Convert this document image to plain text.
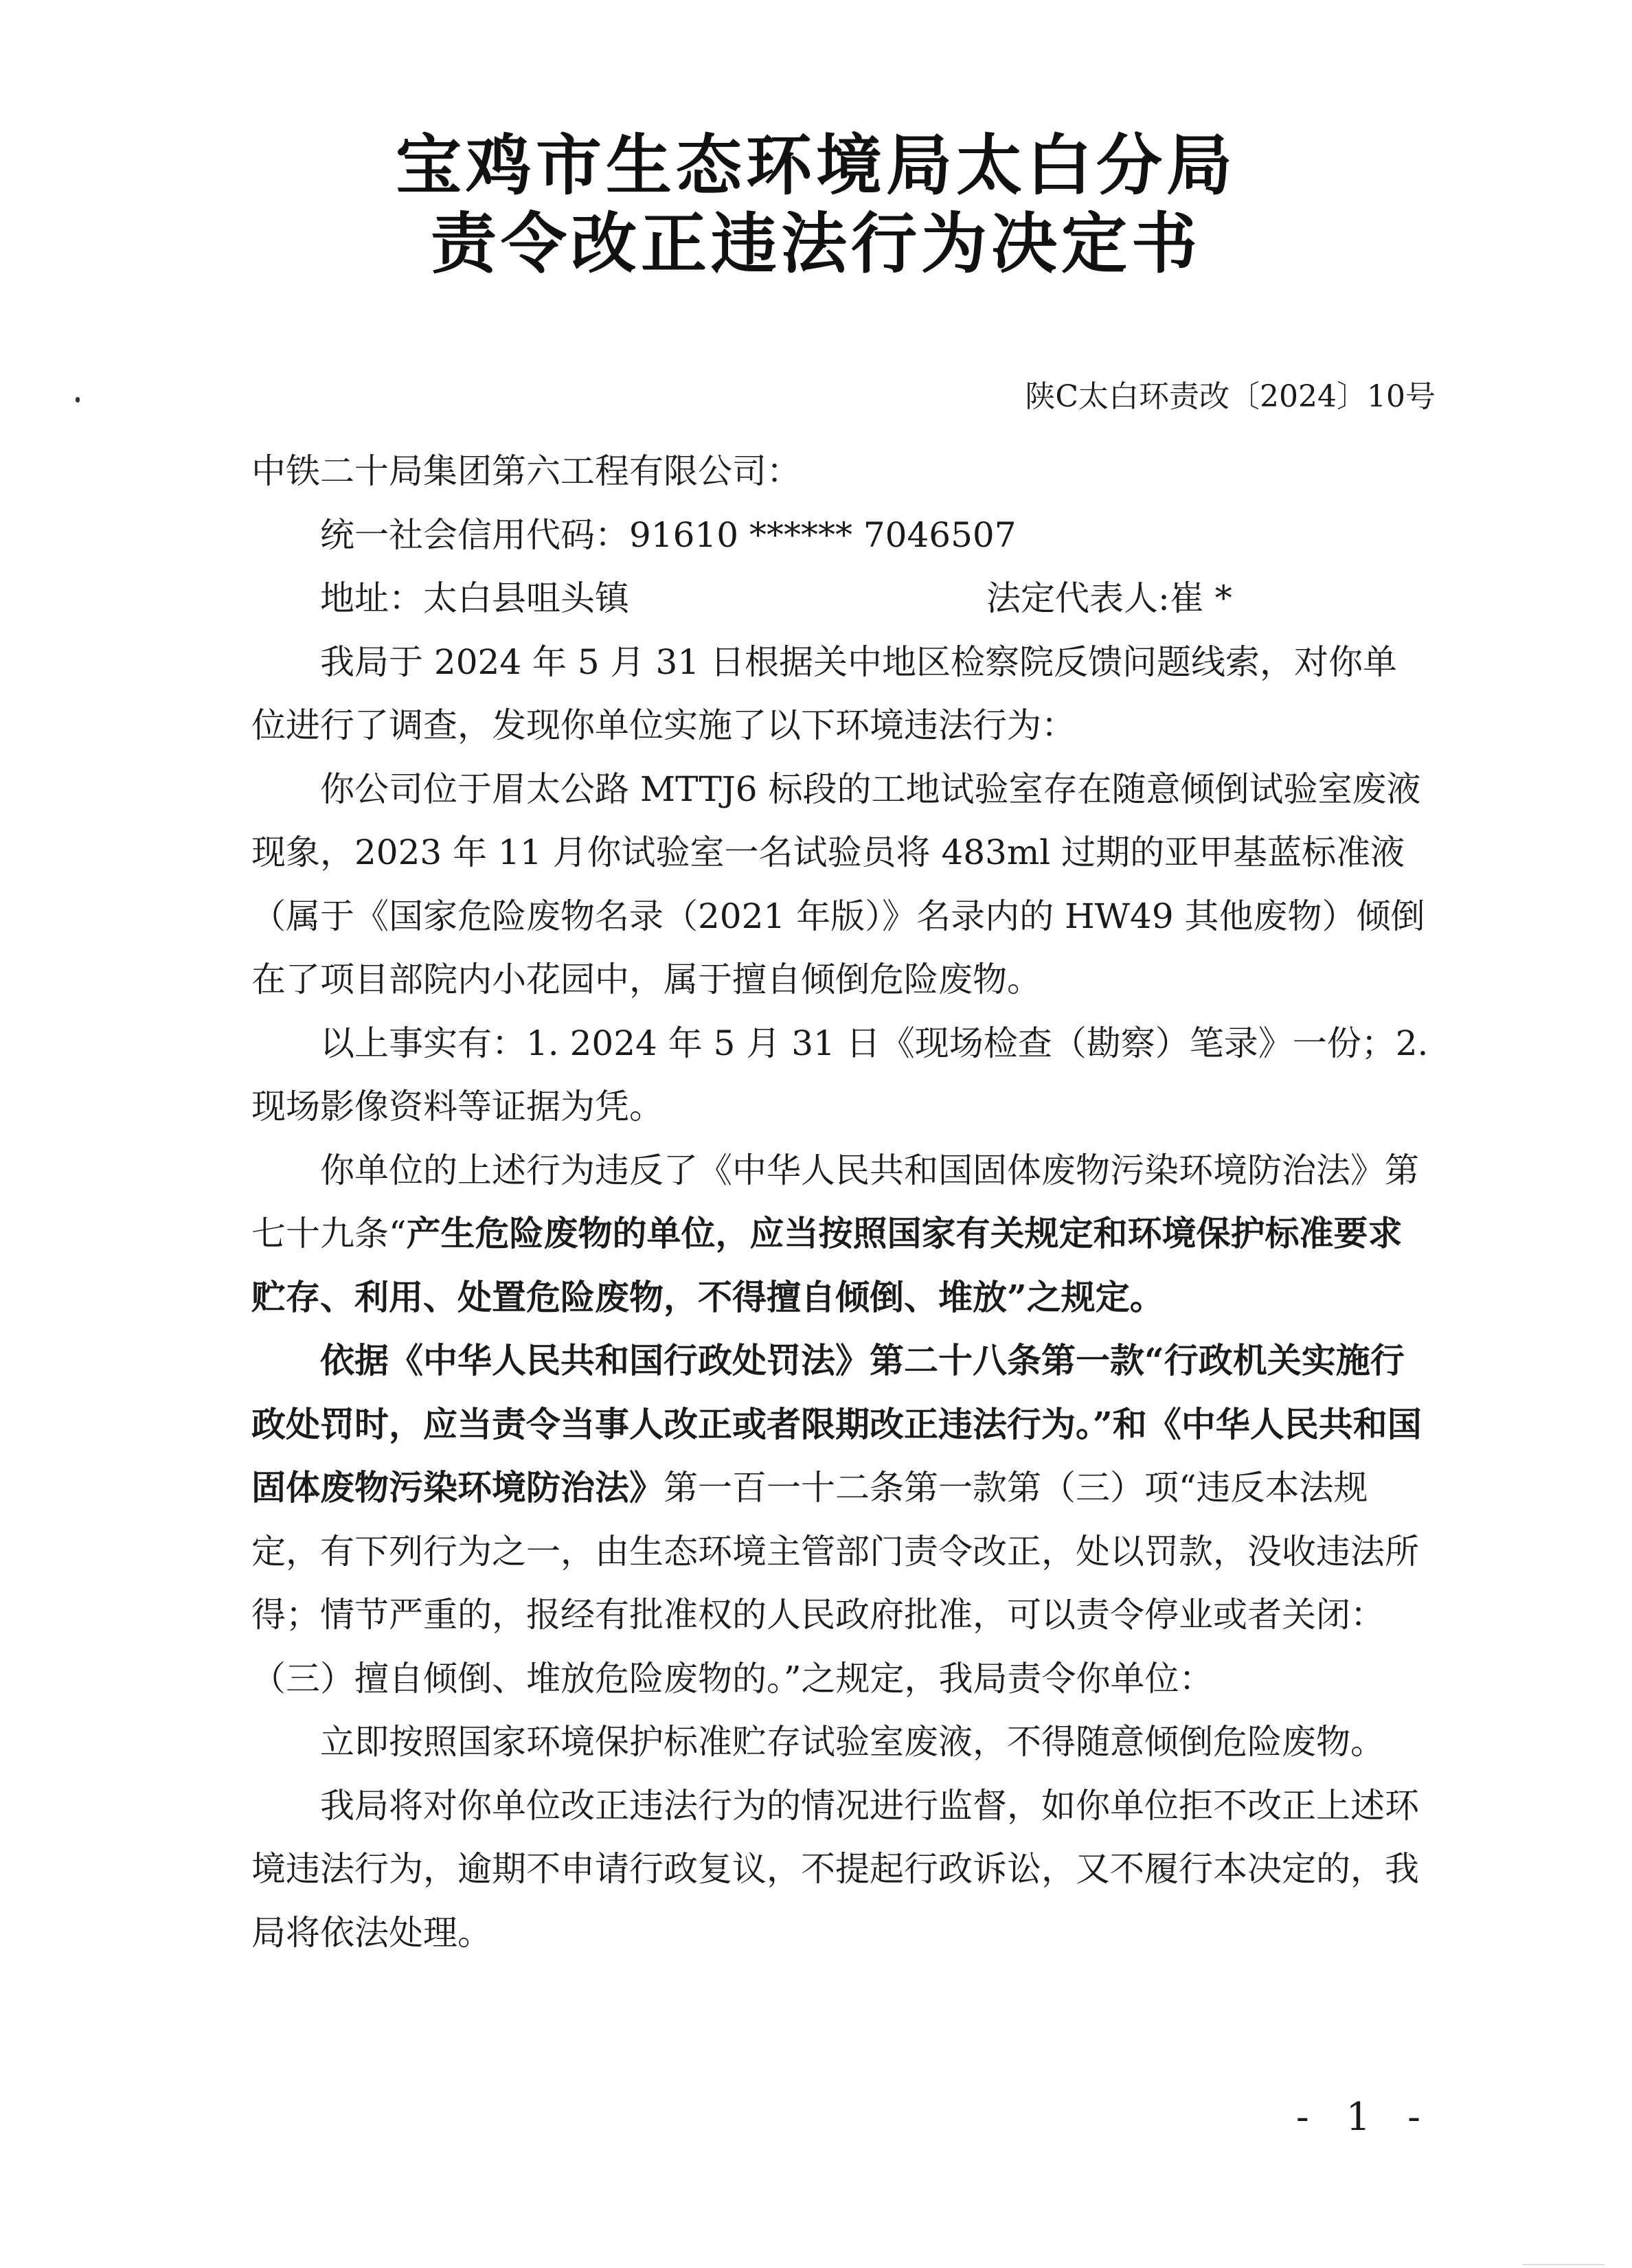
宝鸡市生态环境局太白分局
责令改正违法行为决定书
陕C太白环责改〔2024〕10号

中铁二十局集团第六工程有限公司：

统一社会信用代码：91610 ****** 7046507

地址：太白县咀头镇	法定代表人:崔 *

我局于 2024 年 5 月 31 日根据关中地区检察院反馈问题线索，对你单位进行了调查，发现你单位实施了以下环境违法行为：

你公司位于眉太公路 MTTJ6 标段的工地试验室存在随意倾倒试验室废液现象，2023 年 11 月你试验室一名试验员将 483ml 过期的亚甲基蓝标准液（属于《国家危险废物名录（2021 年版）》名录内的 HW49 其他废物）倾倒在了项目部院内小花园中，属于擅自倾倒危险废物。

以上事实有：1. 2024 年 5 月 31 日《现场检查（勘察）笔录》一份；2. 现场影像资料等证据为凭。

你单位的上述行为违反了《中华人民共和国固体废物污染环境防治法》第七十九条“产生危险废物的单位，应当按照国家有关规定和环境保护标准要求贮存、利用、处置危险废物，不得擅自倾倒、堆放”之规定。

依据《中华人民共和国行政处罚法》第二十八条第一款“行政机关实施行政处罚时，应当责令当事人改正或者限期改正违法行为。”和《中华人民共和国固体废物污染环境防治法》第一百一十二条第一款第（三）项“违反本法规定，有下列行为之一，由生态环境主管部门责令改正，处以罚款，没收违法所得；情节严重的，报经有批准权的人民政府批准，可以责令停业或者关闭：（三）擅自倾倒、堆放危险废物的。”之规定，我局责令你单位：

立即按照国家环境保护标准贮存试验室废液，不得随意倾倒危险废物。

我局将对你单位改正违法行为的情况进行监督，如你单位拒不改正上述环境违法行为，逾期不申请行政复议，不提起行政诉讼，又不履行本决定的，我局将依法处理。

- 1 -
